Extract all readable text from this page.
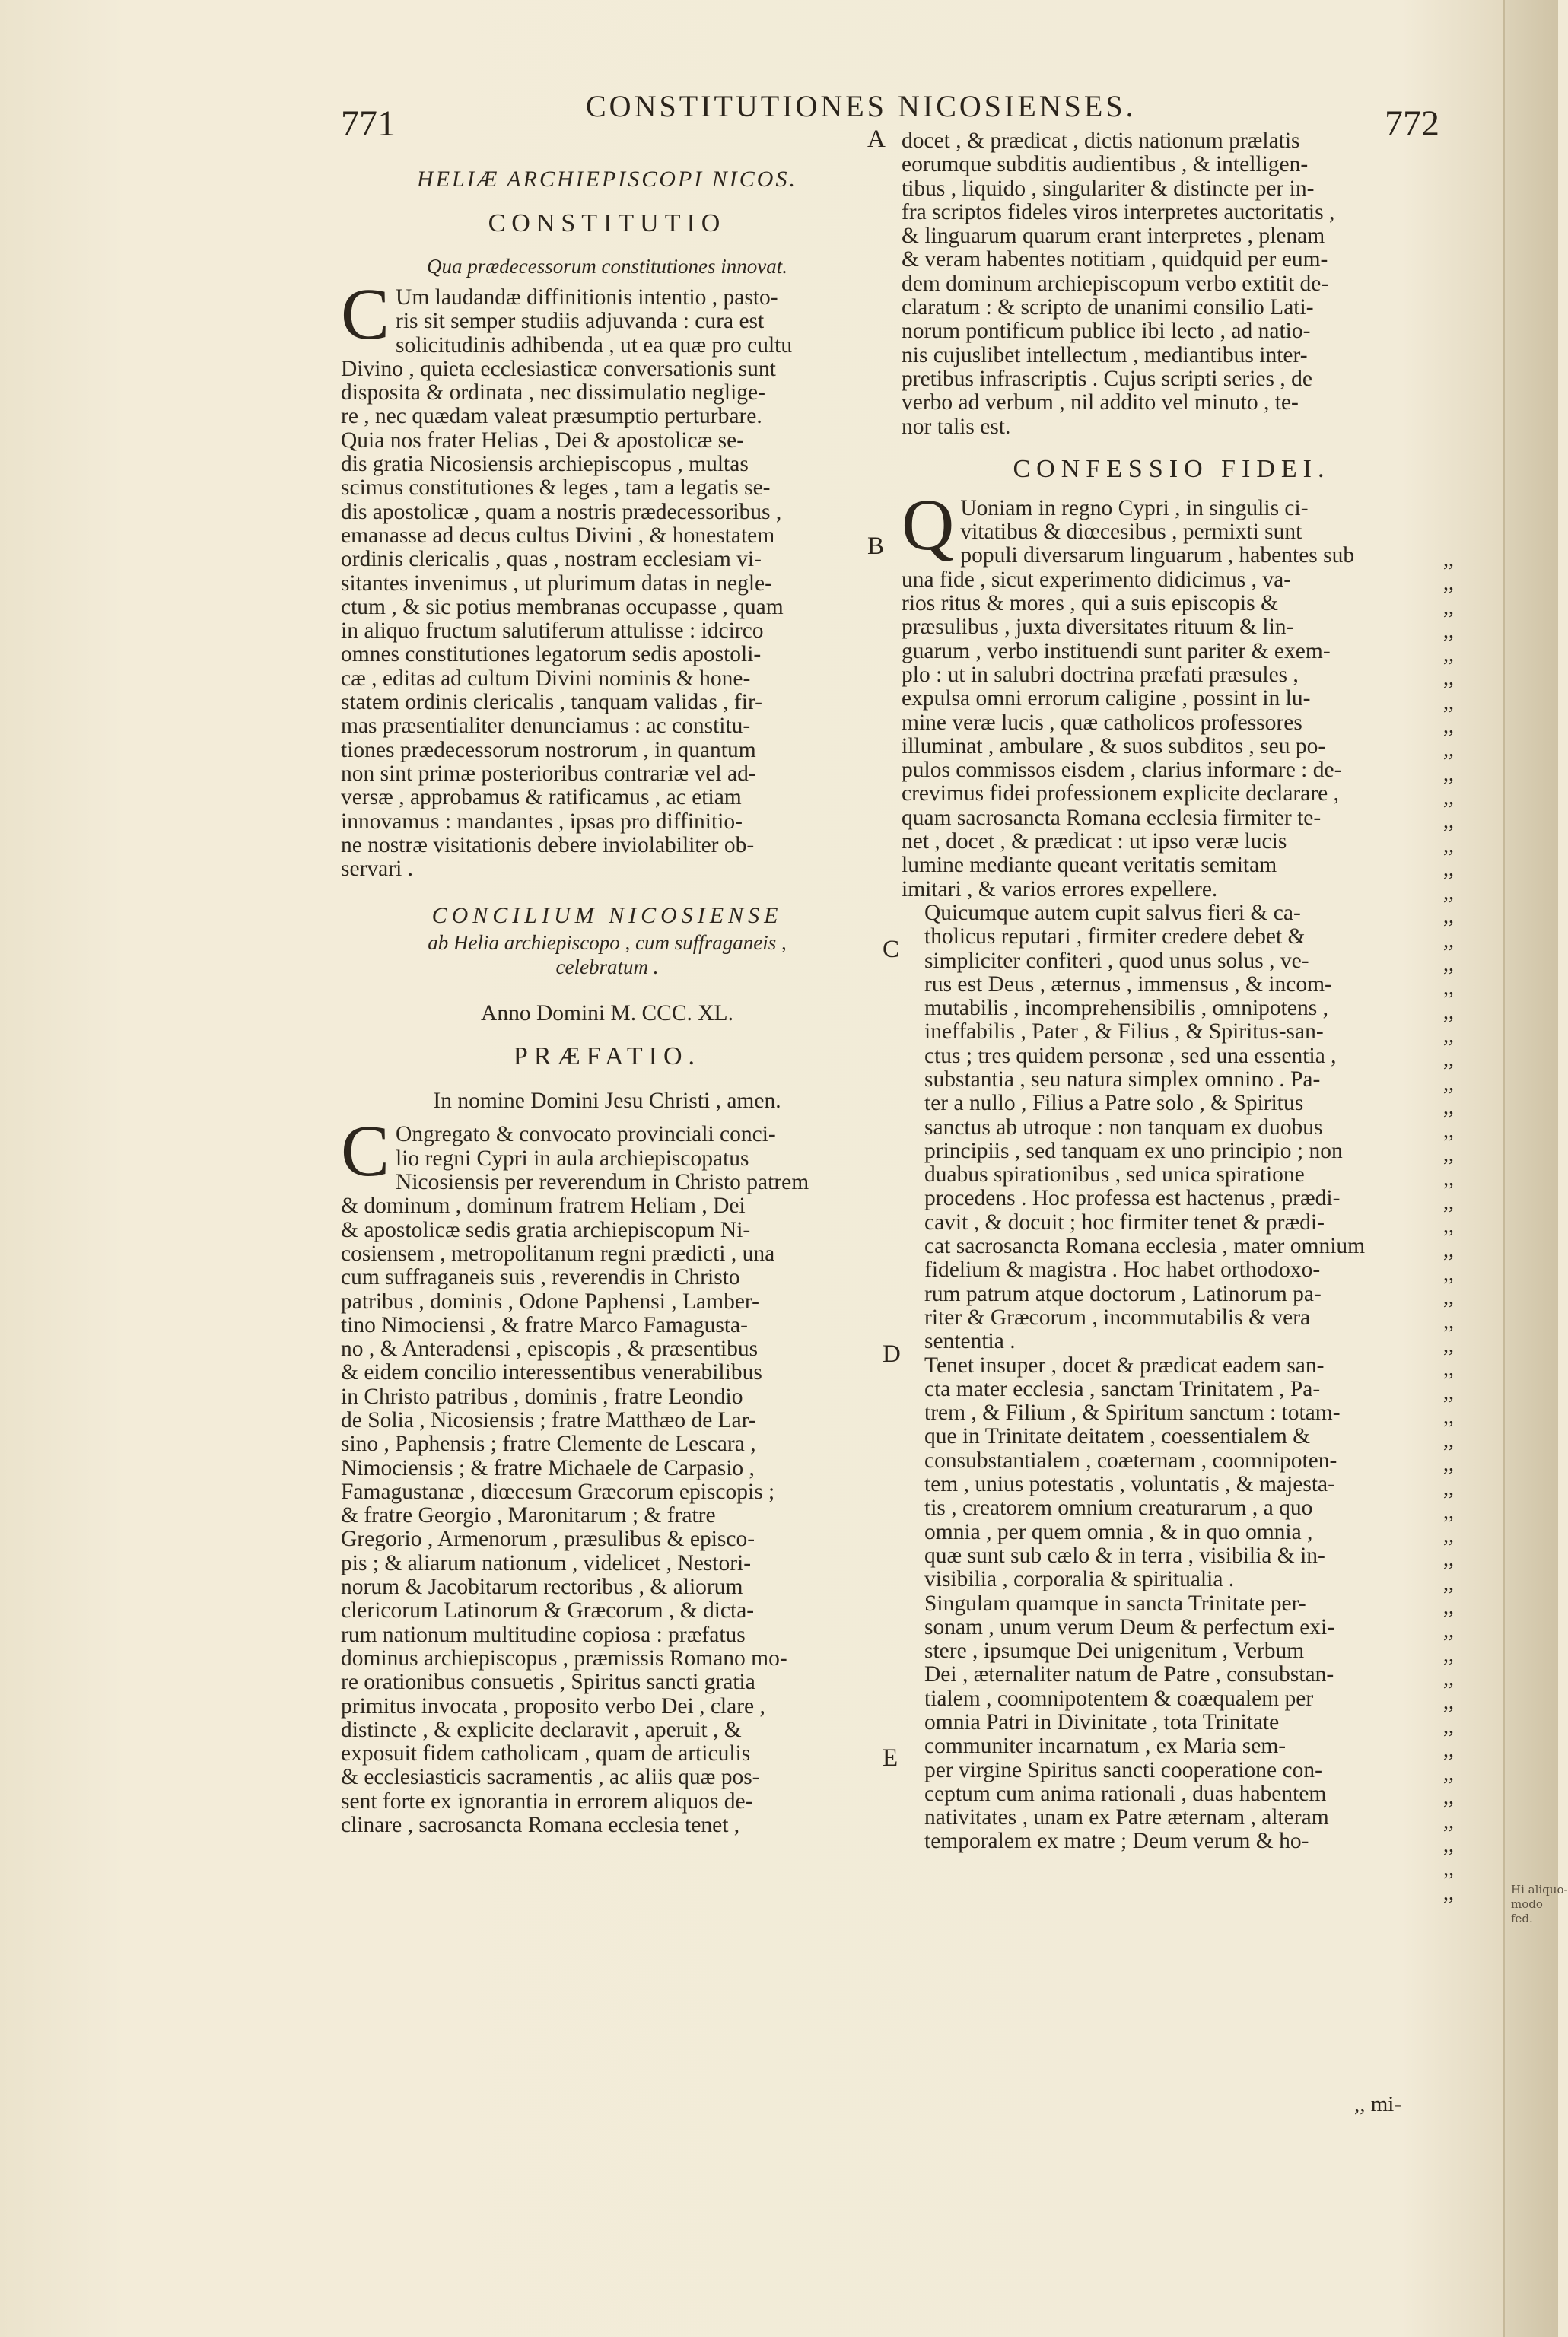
Hi aliquo-
modo
fed.
771	CONSTITUTIONES NICOSIENSES.	772
A
B
C
D
E
HELIÆ ARCHIEPISCOPI NICOS.
CONSTITUTIO
Qua prædecessorum constitutiones innovat.
C Um laudandæ diffinitionis intentio , pasto-
ris sit semper studiis adjuvanda : cura est
solicitudinis adhibenda , ut ea quæ pro cultu
Divino , quieta ecclesiasticæ conversationis sunt
disposita & ordinata , nec dissimulatio neglige-
re , nec quædam valeat præsumptio perturbare.
Quia nos frater Helias , Dei & apostolicæ se-
dis gratia Nicosiensis archiepiscopus , multas
scimus constitutiones & leges , tam a legatis se-
dis apostolicæ , quam a nostris prædecessoribus ,
emanasse ad decus cultus Divini , & honestatem
ordinis clericalis , quas , nostram ecclesiam vi-
sitantes invenimus , ut plurimum datas in negle-
ctum , & sic potius membranas occupasse , quam
in aliquo fructum salutiferum attulisse : idcirco
omnes constitutiones legatorum sedis apostoli-
cæ , editas ad cultum Divini nominis & hone-
statem ordinis clericalis , tanquam validas , fir-
mas præsentialiter denunciamus : ac constitu-
tiones prædecessorum nostrorum , in quantum
non sint primæ posterioribus contrariæ vel ad-
versæ , approbamus & ratificamus , ac etiam
innovamus : mandantes , ipsas pro diffinitio-
ne nostræ visitationis debere inviolabiliter ob-
servari .
CONCILIUM NICOSIENSE
ab Helia archiepiscopo , cum suffraganeis ,
celebratum .
Anno Domini M. CCC. XL.
PRÆFATIO.
In nomine Domini Jesu Christi , amen.
C Ongregato & convocato provinciali conci-
lio regni Cypri in aula archiepiscopatus
Nicosiensis per reverendum in Christo patrem
& dominum , dominum fratrem Heliam , Dei
& apostolicæ sedis gratia archiepiscopum Ni-
cosiensem , metropolitanum regni prædicti , una
cum suffraganeis suis , reverendis in Christo
patribus , dominis , Odone Paphensi , Lamber-
tino Nimociensi , & fratre Marco Famagusta-
no , & Anteradensi , episcopis , & præsentibus
& eidem concilio interessentibus venerabilibus
in Christo patribus , dominis , fratre Leondio
de Solia , Nicosiensis ; fratre Matthæo de Lar-
sino , Paphensis ; fratre Clemente de Lescara ,
Nimociensis ; & fratre Michaele de Carpasio ,
Famagustanæ , diœcesum Græcorum episcopis ;
& fratre Georgio , Maronitarum ; & fratre
Gregorio , Armenorum , præsulibus & episco-
pis ; & aliarum nationum , videlicet , Nestori-
norum & Jacobitarum rectoribus , & aliorum
clericorum Latinorum & Græcorum , & dicta-
rum nationum multitudine copiosa : præfatus
dominus archiepiscopus , præmissis Romano mo-
re orationibus consuetis , Spiritus sancti gratia
primitus invocata , proposito verbo Dei , clare ,
distincte , & explicite declaravit , aperuit , &
exposuit fidem catholicam , quam de articulis
& ecclesiasticis sacramentis , ac aliis quæ pos-
sent forte ex ignorantia in errorem aliquos de-
clinare , sacrosancta Romana ecclesia tenet ,
docet , & prædicat , dictis nationum prælatis
eorumque subditis audientibus , & intelligen-
tibus , liquido , singulariter & distincte per in-
fra scriptos fideles viros interpretes auctoritatis ,
& linguarum quarum erant interpretes , plenam
& veram habentes notitiam , quidquid per eum-
dem dominum archiepiscopum verbo extitit de-
claratum : & scripto de unanimi consilio Lati-
norum pontificum publice ibi lecto , ad natio-
nis cujuslibet intellectum , mediantibus inter-
pretibus infrascriptis . Cujus scripti series , de
verbo ad verbum , nil addito vel minuto , te-
nor talis est.
CONFESSIO FIDEI.
Q Uoniam in regno Cypri , in singulis ci-
vitatibus & diœcesibus , permixti sunt
populi diversarum linguarum , habentes sub
una fide , sicut experimento didicimus , va-
rios ritus & mores , qui a suis episcopis &
præsulibus , juxta diversitates rituum & lin-
guarum , verbo instituendi sunt pariter & exem-
plo : ut in salubri doctrina præfati præsules ,
expulsa omni errorum caligine , possint in lu-
mine veræ lucis , quæ catholicos professores
illuminat , ambulare , & suos subditos , seu po-
pulos commissos eisdem , clarius informare : de-
crevimus fidei professionem explicite declarare ,
quam sacrosancta Romana ecclesia firmiter te-
net , docet , & prædicat : ut ipso veræ lucis
lumine mediante queant veritatis semitam
imitari , & varios errores expellere.
Quicumque autem cupit salvus fieri & ca-
tholicus reputari , firmiter credere debet &
simpliciter confiteri , quod unus solus , ve-
rus est Deus , æternus , immensus , & incom-
mutabilis , incomprehensibilis , omnipotens ,
ineffabilis , Pater , & Filius , & Spiritus-san-
ctus ; tres quidem personæ , sed una essentia ,
substantia , seu natura simplex omnino . Pa-
ter a nullo , Filius a Patre solo , & Spiritus
sanctus ab utroque : non tanquam ex duobus
principiis , sed tanquam ex uno principio ; non
duabus spirationibus , sed unica spiratione
procedens . Hoc professa est hactenus , prædi-
cavit , & docuit ; hoc firmiter tenet & prædi-
cat sacrosancta Romana ecclesia , mater omnium
fidelium & magistra . Hoc habet orthodoxo-
rum patrum atque doctorum , Latinorum pa-
riter & Græcorum , incommutabilis & vera
sententia .
Tenet insuper , docet & prædicat eadem san-
cta mater ecclesia , sanctam Trinitatem , Pa-
trem , & Filium , & Spiritum sanctum : totam-
que in Trinitate deitatem , coessentialem &
consubstantialem , coæternam , coomnipoten-
tem , unius potestatis , voluntatis , & majesta-
tis , creatorem omnium creaturarum , a quo
omnia , per quem omnia , & in quo omnia ,
quæ sunt sub cælo & in terra , visibilia & in-
visibilia , corporalia & spiritualia .
Singulam quamque in sancta Trinitate per-
sonam , unum verum Deum & perfectum exi-
stere , ipsumque Dei unigenitum , Verbum
Dei , æternaliter natum de Patre , consubstan-
tialem , coomnipotentem & coæqualem per
omnia Patri in Divinitate , tota Trinitate
communiter incarnatum , ex Maria sem-
per virgine Spiritus sancti cooperatione con-
ceptum cum anima rationali , duas habentem
nativitates , unam ex Patre æternam , alteram
temporalem ex matre ; Deum verum & ho-
,,
,,
,,
,,
,,
,,
,,
,,
,,
,,
,,
,,
,,
,,
,,
,,
,,
,,
,,
,,
,,
,,
,,
,,
,,
,,
,,
,,
,,
,,
,,
,,
,,
,,
,,
,,
,,
,,
,,
,,
,,
,,
,,
,,
,,
,,
,,
,,
,,
,,
,,
,,
,,
,,
,,
,,
,,
,, mi-
